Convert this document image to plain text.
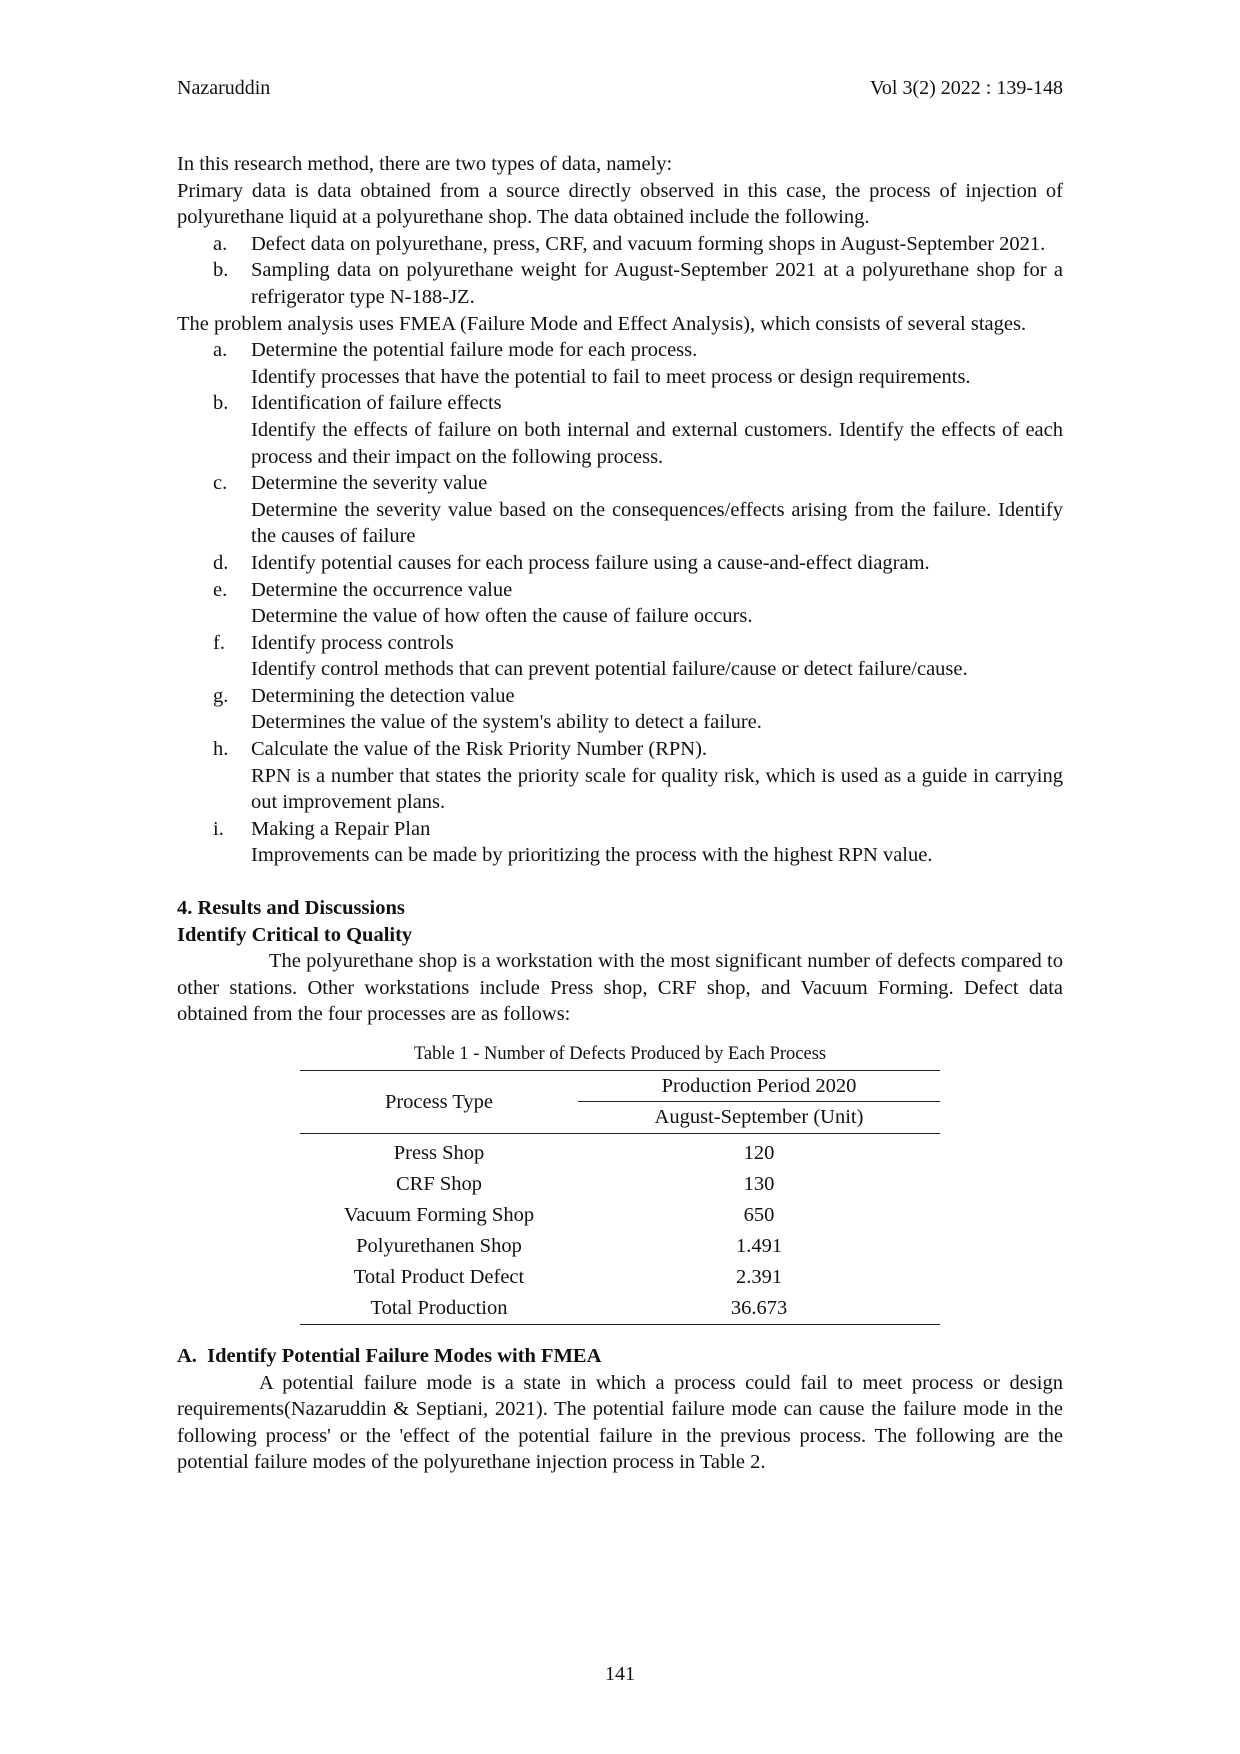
Nazaruddin	Vol 3(2) 2022 : 139-148

In this research method, there are two types of data, namely:

Primary data is data obtained from a source directly observed in this case, the process of injection of polyurethane liquid at a polyurethane shop. The data obtained include the following.

a. Defect data on polyurethane, press, CRF, and vacuum forming shops in August-September 2021.
b. Sampling data on polyurethane weight for August-September 2021 at a polyurethane shop for a refrigerator type N-188-JZ.

The problem analysis uses FMEA (Failure Mode and Effect Analysis), which consists of several stages.

a. Determine the potential failure mode for each process.
Identify processes that have the potential to fail to meet process or design requirements.
b. Identification of failure effects
Identify the effects of failure on both internal and external customers. Identify the effects of each process and their impact on the following process.
c. Determine the severity value
Determine the severity value based on the consequences/effects arising from the failure. Identify the causes of failure
d. Identify potential causes for each process failure using a cause-and-effect diagram.
e. Determine the occurrence value
Determine the value of how often the cause of failure occurs.
f. Identify process controls
Identify control methods that can prevent potential failure/cause or detect failure/cause.
g. Determining the detection value
Determines the value of the system's ability to detect a failure.
h. Calculate the value of the Risk Priority Number (RPN).
RPN is a number that states the priority scale for quality risk, which is used as a guide in carrying out improvement plans.
i. Making a Repair Plan
Improvements can be made by prioritizing the process with the highest RPN value.
4. Results and Discussions
Identify Critical to Quality

The polyurethane shop is a workstation with the most significant number of defects compared to other stations. Other workstations include Press shop, CRF shop, and Vacuum Forming. Defect data obtained from the four processes are as follows:

Table 1 - Number of Defects Produced by Each Process
Process Type	Production Period 2020
	August-September (Unit)
Press Shop	120
CRF Shop	130
Vacuum Forming Shop	650
Polyurethanen Shop	1.491
Total Product Defect	2.391
Total Production	36.673
A. Identify Potential Failure Modes with FMEA

A potential failure mode is a state in which a process could fail to meet process or design requirements(Nazaruddin & Septiani, 2021). The potential failure mode can cause the failure mode in the following process' or the 'effect of the potential failure in the previous process. The following are the potential failure modes of the polyurethane injection process in Table 2.

141
